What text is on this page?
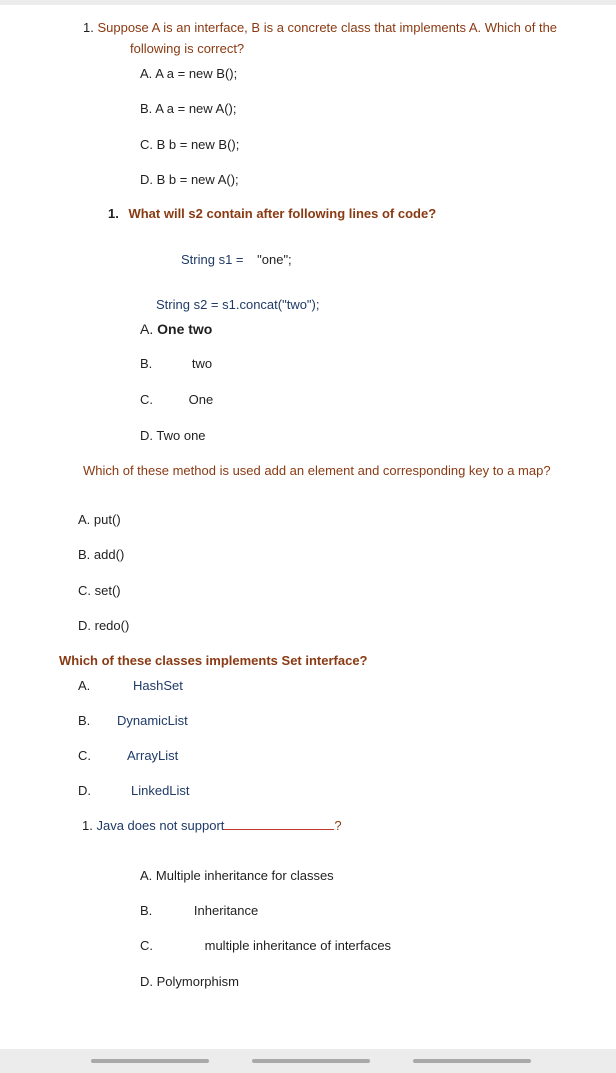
1. Suppose A is an interface, B is a concrete class that implements A. Which of the
following is correct?
A. A a = new B();
B. A a = new A();
C. B b = new B();
D. B b = new A();
1. What will s2 contain after following lines of code?
String s1 = "one";
String s2 = s1.concat("two");
A. One two
B.	two
C.	One
D. Two one
Which of these method is used add an element and corresponding key to a map?
A. put()
B. add()
C. set()
D. redo()
Which of these classes implements Set interface?
A.	HashSet
B. DynamicList
C.	ArrayList
D.	LinkedList
1. Java does not support	?
A. Multiple inheritance for classes
B.	Inheritance
C.	multiple inheritance of interfaces
D. Polymorphism
